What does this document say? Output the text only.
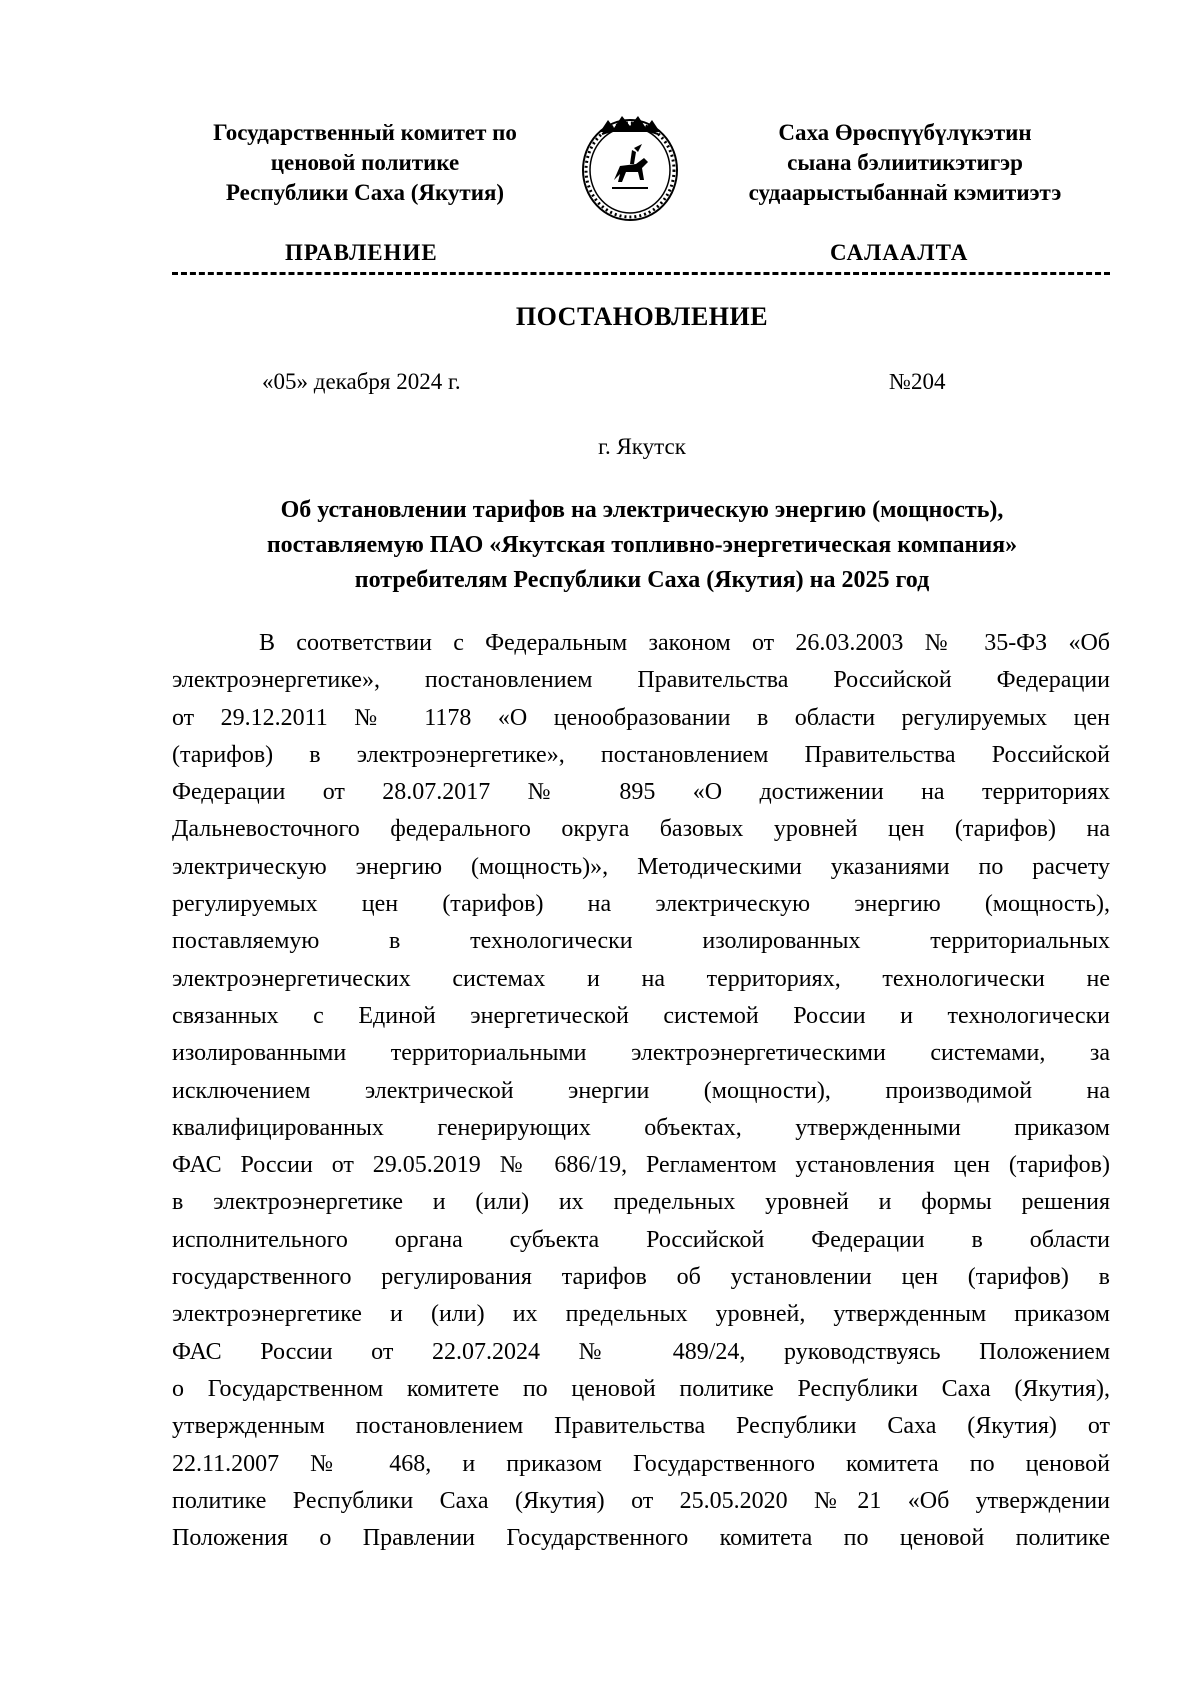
Государственный комитет по
ценовой политике
Республики Саха (Якутия)
Саха Өрөспүүбүлүкэтин
сыана бэлиитикэтигэр
судаарыстыбаннай кэмитиэтэ
ПРАВЛЕНИЕ	САЛААЛТА
ПОСТАНОВЛЕНИЕ
«05» декабря 2024 г.	№204
г. Якутск
Об установлении тарифов на электрическую энергию (мощность),
поставляемую ПАО «Якутская топливно-энергетическая компания»
потребителям Республики Саха (Якутия) на 2025 год
В соответствии с Федеральным законом от 26.03.2003 № 35-ФЗ «Об
электроэнергетике», постановлением Правительства Российской Федерации
от 29.12.2011 № 1178 «О ценообразовании в области регулируемых цен
(тарифов) в электроэнергетике», постановлением Правительства Российской
Федерации от 28.07.2017 № 895 «О достижении на территориях
Дальневосточного федерального округа базовых уровней цен (тарифов) на
электрическую энергию (мощность)», Методическими указаниями по расчету
регулируемых цен (тарифов) на электрическую энергию (мощность),
поставляемую в технологически изолированных территориальных
электроэнергетических системах и на территориях, технологически не
связанных с Единой энергетической системой России и технологически
изолированными территориальными электроэнергетическими системами, за
исключением электрической энергии (мощности), производимой на
квалифицированных генерирующих объектах, утвержденными приказом
ФАС России от 29.05.2019 № 686/19, Регламентом установления цен (тарифов)
в электроэнергетике и (или) их предельных уровней и формы решения
исполнительного органа субъекта Российской Федерации в области
государственного регулирования тарифов об установлении цен (тарифов) в
электроэнергетике и (или) их предельных уровней, утвержденным приказом
ФАС России от 22.07.2024 № 489/24, руководствуясь Положением
о Государственном комитете по ценовой политике Республики Саха (Якутия),
утвержденным постановлением Правительства Республики Саха (Якутия) от
22.11.2007 № 468, и приказом Государственного комитета по ценовой
политике Республики Саха (Якутия) от 25.05.2020 №21 «Об утверждении
Положения о Правлении Государственного комитета по ценовой политике
